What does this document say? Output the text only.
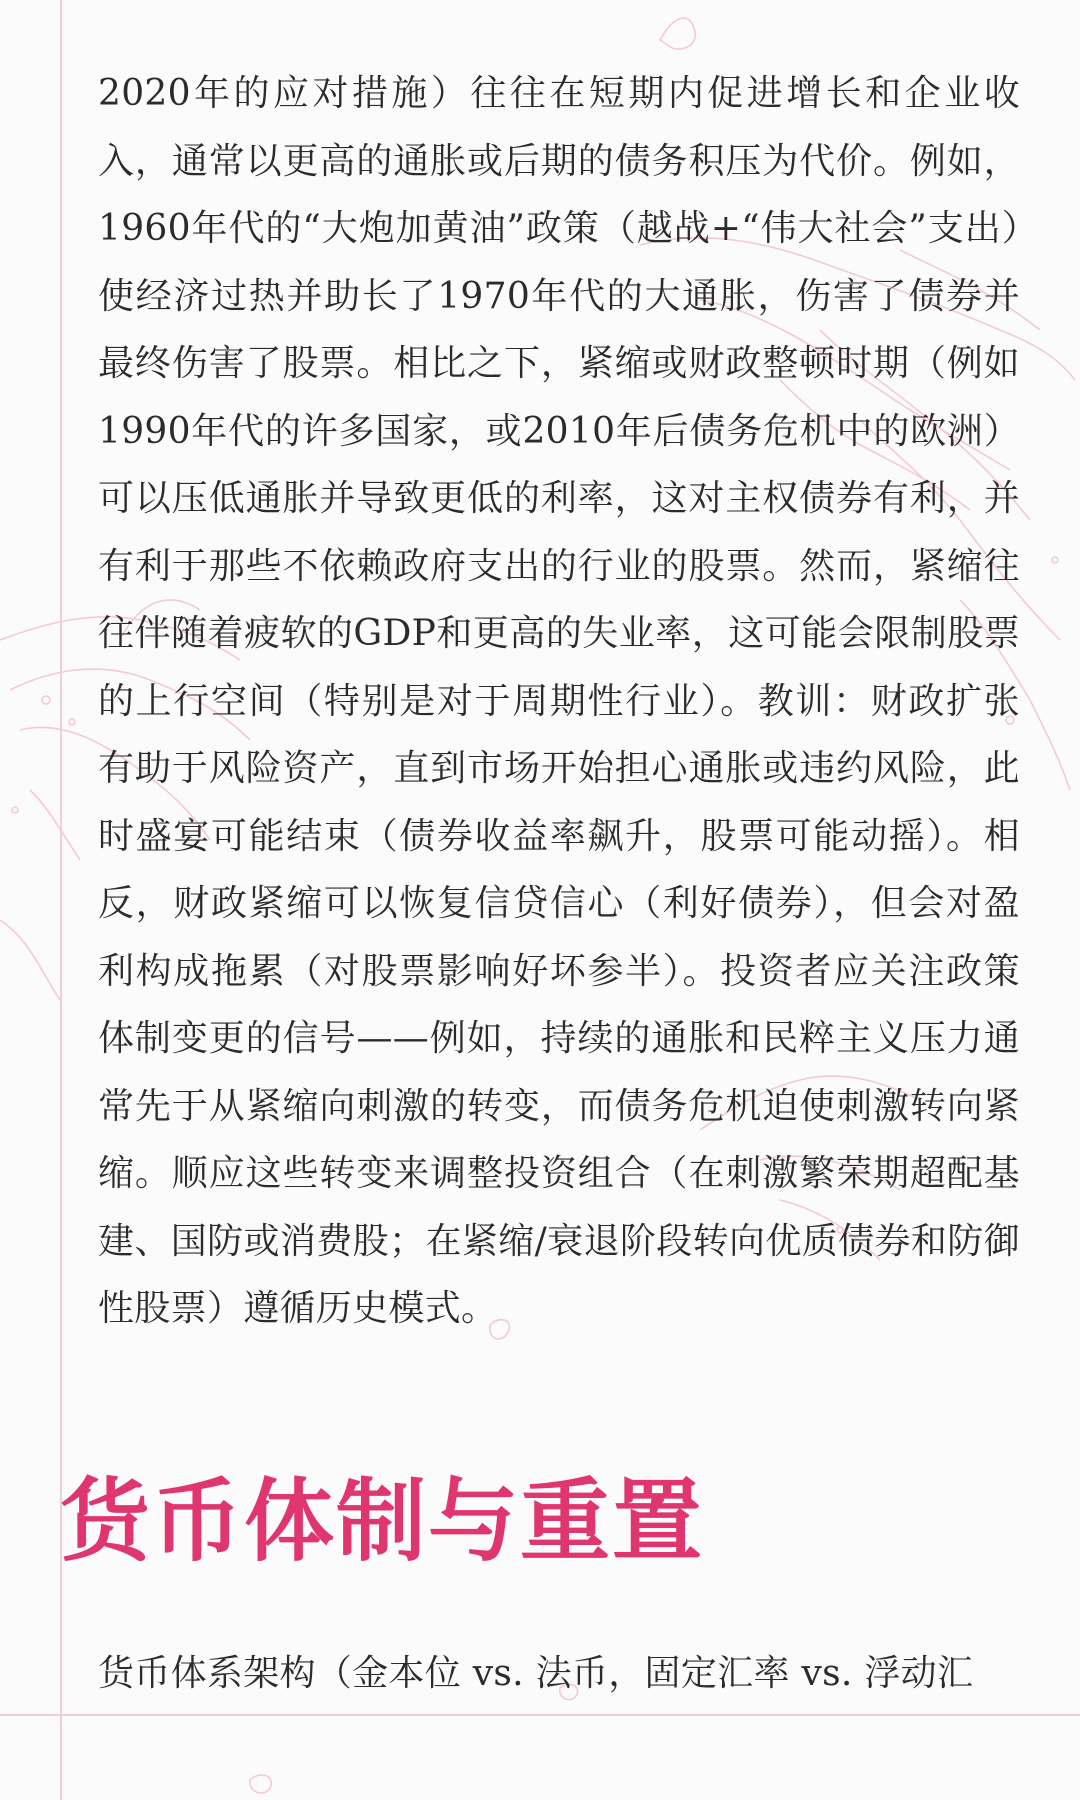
2020年的应对措施）往往在短期内促进增长和企业收入，通常以更高的通胀或后期的债务积压为代价。例如，1960年代的“大炮加黄油”政策（越战+“伟大社会”支出）使经济过热并助长了1970年代的大通胀，伤害了债券并最终伤害了股票。相比之下，紧缩或财政整顿时期（例如1990年代的许多国家，或2010年后债务危机中的欧洲）可以压低通胀并导致更低的利率，这对主权债券有利，并有利于那些不依赖政府支出的行业的股票。然而，紧缩往往伴随着疲软的GDP和更高的失业率，这可能会限制股票的上行空间（特别是对于周期性行业）。教训：财政扩张有助于风险资产，直到市场开始担心通胀或违约风险，此时盛宴可能结束（债券收益率飙升，股票可能动摇）。相反，财政紧缩可以恢复信贷信心（利好债券），但会对盈利构成拖累（对股票影响好坏参半）。投资者应关注政策体制变更的信号——例如，持续的通胀和民粹主义压力通常先于从紧缩向刺激的转变，而债务危机迫使刺激转向紧缩。顺应这些转变来调整投资组合（在刺激繁荣期超配基建、国防或消费股；在紧缩/衰退阶段转向优质债券和防御性股票）遵循历史模式。

货币体制与重置

货币体系架构（金本位 vs. 法币，固定汇率 vs. 浮动汇
